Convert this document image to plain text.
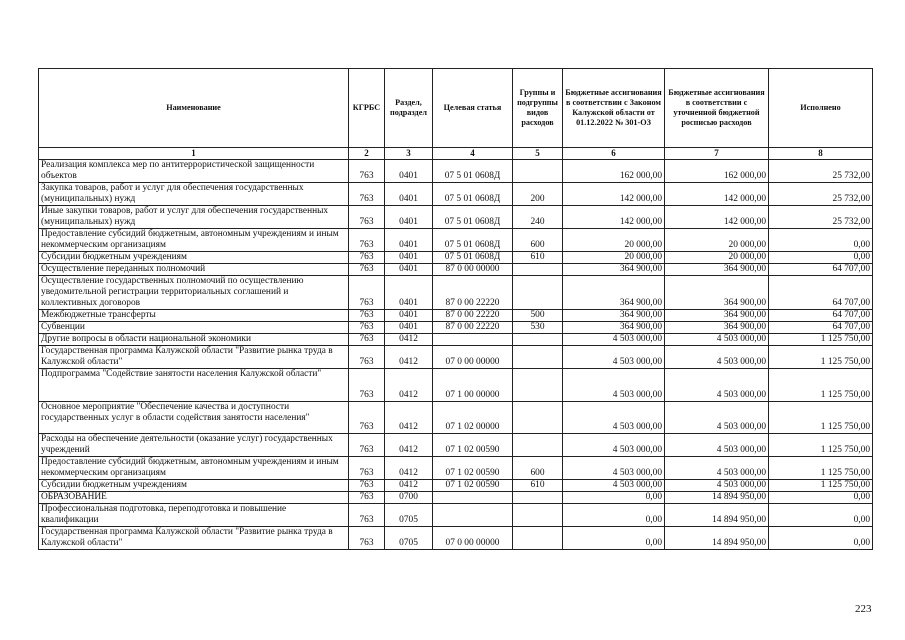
Наименование	КГРБС	Раздел, подраздел	Целевая статья	Группы и подгруппы видов расходов	Бюджетные ассигнования в соответствии с Законом Калужской области от 01.12.2022 № 301-ОЗ	Бюджетные ассигнования в соответствии с уточненной бюджетной росписью расходов	Исполнено
1	2	3	4	5	6	7	8
Реализация комплекса мер по антитеррористической защищенности объектов	763	0401	07 5 01 0608Д		162 000,00	162 000,00	25 732,00
Закупка товаров, работ и услуг для обеспечения государственных (муниципальных) нужд	763	0401	07 5 01 0608Д	200	142 000,00	142 000,00	25 732,00
Иные закупки товаров, работ и услуг для обеспечения государственных (муниципальных) нужд	763	0401	07 5 01 0608Д	240	142 000,00	142 000,00	25 732,00
Предоставление субсидий бюджетным, автономным учреждениям и иным некоммерческим организациям	763	0401	07 5 01 0608Д	600	20 000,00	20 000,00	0,00
Субсидии бюджетным учреждениям	763	0401	07 5 01 0608Д	610	20 000,00	20 000,00	0,00
Осуществление переданных полномочий	763	0401	87 0 00 00000		364 900,00	364 900,00	64 707,00
Осуществление государственных полномочий по осуществлению уведомительной регистрации территориальных соглашений и коллективных договоров	763	0401	87 0 00 22220		364 900,00	364 900,00	64 707,00
Межбюджетные трансферты	763	0401	87 0 00 22220	500	364 900,00	364 900,00	64 707,00
Субвенции	763	0401	87 0 00 22220	530	364 900,00	364 900,00	64 707,00
Другие вопросы в области национальной экономики	763	0412			4 503 000,00	4 503 000,00	1 125 750,00
Государственная программа Калужской области "Развитие рынка труда в Калужской области"	763	0412	07 0 00 00000		4 503 000,00	4 503 000,00	1 125 750,00
Подпрограмма "Содействие занятости населения Калужской области"	763	0412	07 1 00 00000		4 503 000,00	4 503 000,00	1 125 750,00
Основное мероприятие "Обеспечение качества и доступности государственных услуг в области содействия занятости населения"	763	0412	07 1 02 00000		4 503 000,00	4 503 000,00	1 125 750,00
Расходы на обеспечение деятельности (оказание услуг) государственных учреждений	763	0412	07 1 02 00590		4 503 000,00	4 503 000,00	1 125 750,00
Предоставление субсидий бюджетным, автономным учреждениям и иным некоммерческим организациям	763	0412	07 1 02 00590	600	4 503 000,00	4 503 000,00	1 125 750,00
Субсидии бюджетным учреждениям	763	0412	07 1 02 00590	610	4 503 000,00	4 503 000,00	1 125 750,00
ОБРАЗОВАНИЕ	763	0700			0,00	14 894 950,00	0,00
Профессиональная подготовка, переподготовка и повышение квалификации	763	0705			0,00	14 894 950,00	0,00
Государственная программа Калужской области "Развитие рынка труда в Калужской области"	763	0705	07 0 00 00000		0,00	14 894 950,00	0,00
223
